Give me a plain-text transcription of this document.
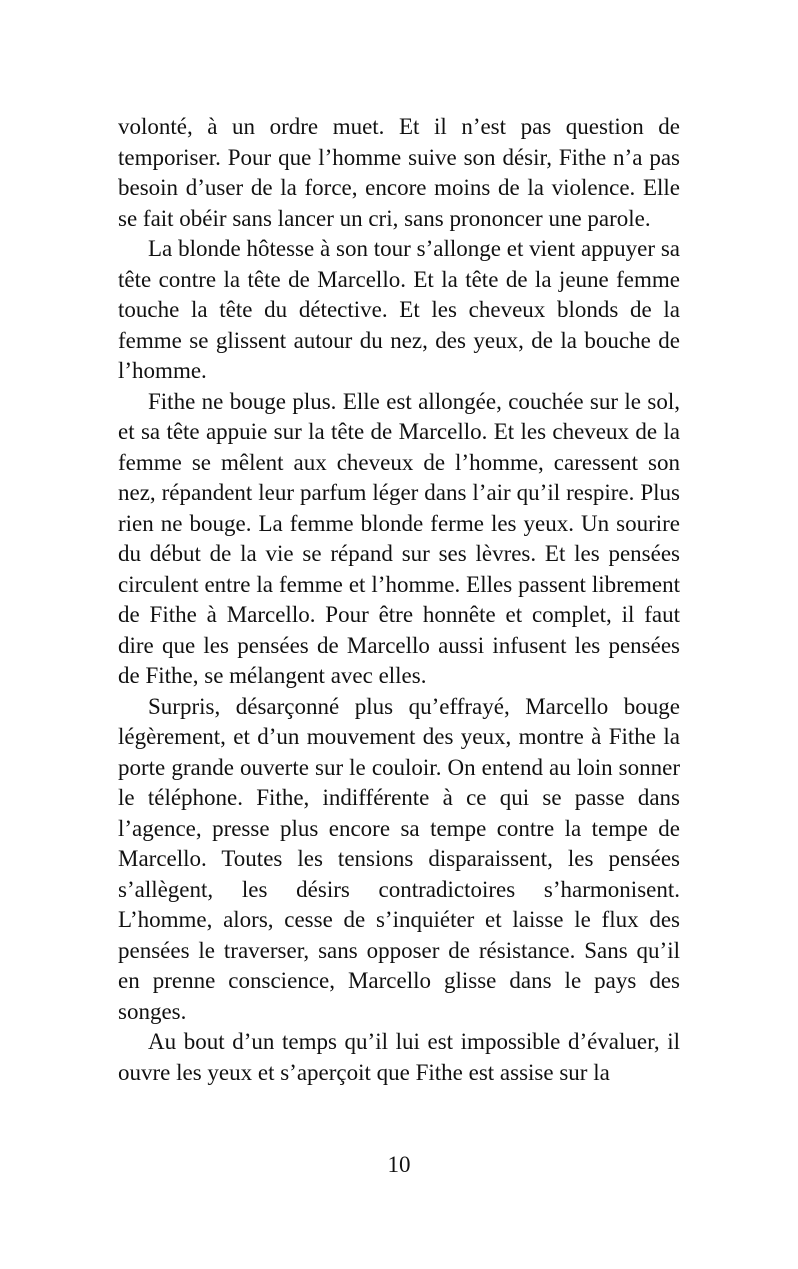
volonté, à un ordre muet. Et il n’est pas question de temporiser. Pour que l’homme suive son désir, Fithe n’a pas besoin d’user de la force, encore moins de la violence. Elle se fait obéir sans lancer un cri, sans prononcer une parole.

La blonde hôtesse à son tour s’allonge et vient appuyer sa tête contre la tête de Marcello. Et la tête de la jeune femme touche la tête du détective. Et les cheveux blonds de la femme se glissent autour du nez, des yeux, de la bouche de l’homme.

Fithe ne bouge plus. Elle est allongée, couchée sur le sol, et sa tête appuie sur la tête de Marcello. Et les cheveux de la femme se mêlent aux cheveux de l’homme, caressent son nez, répandent leur parfum léger dans l’air qu’il respire. Plus rien ne bouge. La femme blonde ferme les yeux. Un sourire du début de la vie se répand sur ses lèvres. Et les pensées circulent entre la femme et l’homme. Elles passent librement de Fithe à Marcello. Pour être honnête et complet, il faut dire que les pensées de Marcello aussi infusent les pensées de Fithe, se mélangent avec elles.

Surpris, désarçonné plus qu’effrayé, Marcello bouge légèrement, et d’un mouvement des yeux, montre à Fithe la porte grande ouverte sur le couloir. On entend au loin sonner le téléphone. Fithe, indifférente à ce qui se passe dans l’agence, presse plus encore sa tempe contre la tempe de Marcello. Toutes les tensions disparaissent, les pensées s’allègent, les désirs contradictoires s’harmonisent. L’homme, alors, cesse de s’inquiéter et laisse le flux des pensées le traverser, sans opposer de résistance. Sans qu’il en prenne conscience, Marcello glisse dans le pays des songes.

Au bout d’un temps qu’il lui est impossible d’évaluer, il ouvre les yeux et s’aperçoit que Fithe est assise sur la

10
